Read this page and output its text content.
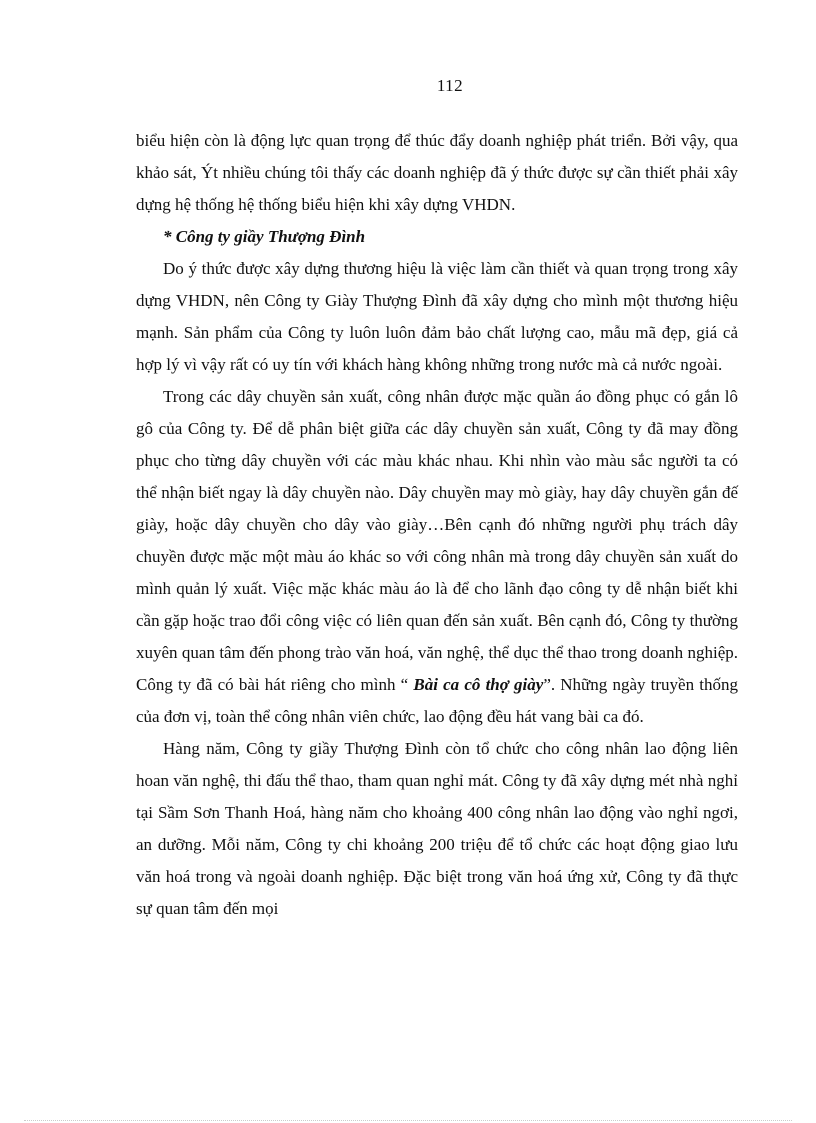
112

biểu hiện còn là động lực quan trọng để thúc đẩy doanh nghiệp phát triển. Bởi vậy, qua khảo sát, Ýt nhiều chúng tôi thấy các doanh nghiệp đã ý thức được sự cần thiết phải xây dựng hệ thống hệ thống biểu hiện khi xây dựng VHDN.

* Công ty giầy Thượng Đình

Do ý thức được xây dựng thương hiệu là việc làm cần thiết và quan trọng trong xây dựng VHDN, nên Công ty Giày Thượng Đình đã xây dựng cho mình một thương hiệu mạnh. Sản phẩm của Công ty luôn luôn đảm bảo chất lượng cao, mẫu mã đẹp, giá cả hợp lý vì vậy rất có uy tín với khách hàng không những trong nước mà cả nước ngoài.

Trong các dây chuyền sản xuất, công nhân được mặc quần áo đồng phục có gắn lô gô của Công ty. Để dễ phân biệt giữa các dây chuyền sản xuất, Công ty đã may đồng phục cho từng dây chuyền với các màu khác nhau. Khi nhìn vào màu sắc người ta có thể nhận biết ngay là dây chuyền nào. Dây chuyền may mò giày, hay dây chuyền gắn đế giày, hoặc dây chuyền cho dây vào giày…Bên cạnh đó những người phụ trách dây chuyền được mặc một màu áo khác so với công nhân mà trong dây chuyền sản xuất do mình quản lý xuất. Việc mặc khác màu áo là để cho lãnh đạo công ty dễ nhận biết khi cần gặp hoặc trao đổi công việc có liên quan đến sản xuất. Bên cạnh đó, Công ty thường xuyên quan tâm đến phong trào văn hoá, văn nghệ, thể dục thể thao trong doanh nghiệp. Công ty đã có bài hát riêng cho mình “ Bài ca cô thợ giày”. Những ngày truyền thống của đơn vị, toàn thể công nhân viên chức, lao động đều hát vang bài ca đó.

Hàng năm, Công ty giầy Thượng Đình còn tổ chức cho công nhân lao động liên hoan văn nghệ, thi đấu thể thao, tham quan nghỉ mát. Công ty đã xây dựng mét nhà nghỉ tại Sầm Sơn Thanh Hoá, hàng năm cho khoảng 400 công nhân lao động vào nghỉ ngơi, an dưỡng. Mỗi năm, Công ty chi khoảng 200 triệu để tổ chức các hoạt động giao lưu văn hoá trong và ngoài doanh nghiệp. Đặc biệt trong văn hoá ứng xử, Công ty đã thực sự quan tâm đến mọi
